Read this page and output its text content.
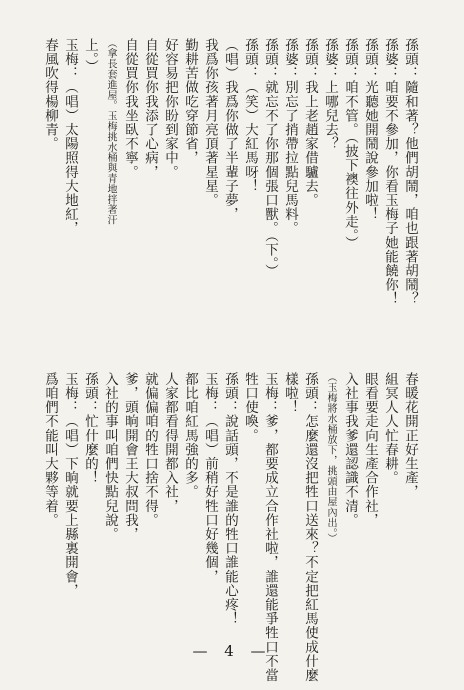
孫頭：隨和著？他們胡鬧，咱也跟著胡鬧？
孫婆：咱要不參加，你看玉梅子她能饒你！
孫頭：光聽她開鬧說參加啦！
孫頭：咱不管。（披下襖往外走。）
孫婆：上哪兒去？
孫頭：我上老趙家借驢去。
孫婆：別忘了捎帶拉點兒馬料。
孫頭：就忘不了你那個張口獸。（下。）
孫頭：（笑）大紅馬呀！
（唱）我爲你做了半輩子夢，
我爲你孩著月亮頂著星星。
勤耕苦做吃穿節省，
好容易把你盼到家中。
自從買你我添了心病，
自從買你我坐臥不寧。
（拿長套進屋。玉梅挑水桶與青地拌著汗
上。）
玉梅：（唱）太陽照得大地紅，
春風吹得楊柳青。
春暖花開正好生產，
組冥人人忙春耕。
眼看要走向生產合作社，
入社事我爹還認識不清。
（玉梅將水桶放下，挑頭由屋內出。）
孫頭：怎麼還沒把牲口送來？不定把紅馬使成什麼
樣啦！
玉梅：爹，都要成立合作社啦，誰還能爭牲口不當
牲口使喚。
孫頭：說話頭，不是誰的牲口誰能心疼！
玉梅：（唱）前稍好牲口好幾個，
都比咱紅馬強的多。
人家都看得開都入社，
就偏偏咱的牲口捨不得。
爹，頭晌開會王大叔問我，
入社的事叫咱們快點兒說。
孫頭：忙什麼的！
玉梅：（唱）下晌就要上縣裏開會，
爲咱們不能叫大夥等着。
— 4 —
